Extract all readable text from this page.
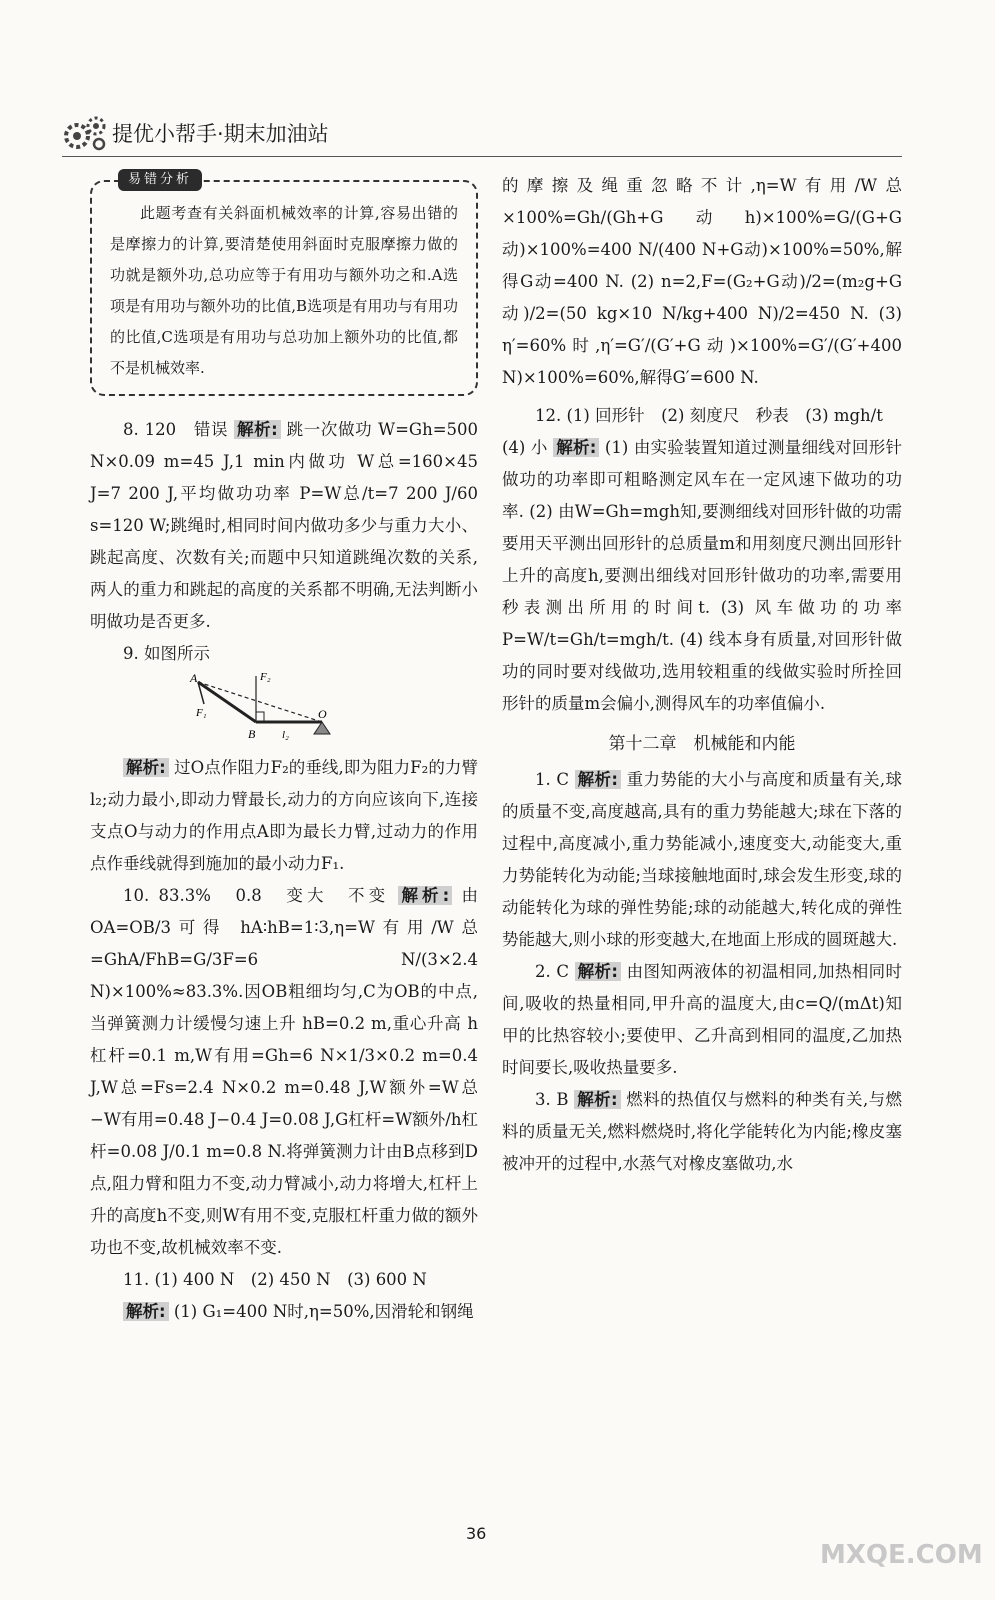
提优小帮手·期末加油站
易错分析

此题考查有关斜面机械效率的计算,容易出错的是摩擦力的计算,要清楚使用斜面时克服摩擦力做的功就是额外功,总功应等于有用功与额外功之和.A选项是有用功与额外功的比值,B选项是有用功与有用功的比值,C选项是有用功与总功加上额外功的比值,都不是机械效率.

8. 120　错误 解析: 跳一次做功 W=Gh=500 N×0.09 m=45 J,1 min内做功 W总=160×45 J=7 200 J,平均做功功率 P=W总/t=7 200 J/60 s=120 W;跳绳时,相同时间内做功多少与重力大小、跳起高度、次数有关;而题中只知道跳绳次数的关系,两人的重力和跳起的高度的关系都不明确,无法判断小明做功是否更多.

9. 如图所示

A
B
O
F₁
F₂
l₂

解析: 过O点作阻力F₂的垂线,即为阻力F₂的力臂 l₂;动力最小,即动力臂最长,动力的方向应该向下,连接支点O与动力的作用点A即为最长力臂,过动力的作用点作垂线就得到施加的最小动力F₁.

10. 83.3%　0.8　变大　不变 解析: 由OA=OB/3可得 hA∶hB=1∶3,η=W有用/W总=GhA/FhB=G/3F=6 N/(3×2.4 N)×100%≈83.3%.因OB粗细均匀,C为OB的中点,当弹簧测力计缓慢匀速上升 hB=0.2 m,重心升高 h杠杆=0.1 m,W有用=Gh=6 N×1/3×0.2 m=0.4 J,W总=Fs=2.4 N×0.2 m=0.48 J,W额外=W总−W有用=0.48 J−0.4 J=0.08 J,G杠杆=W额外/h杠杆=0.08 J/0.1 m=0.8 N.将弹簧测力计由B点移到D点,阻力臂和阻力不变,动力臂减小,动力将增大,杠杆上升的高度h不变,则W有用不变,克服杠杆重力做的额外功也不变,故机械效率不变.

11. (1) 400 N　(2) 450 N　(3) 600 N

解析: (1) G₁=400 N时,η=50%,因滑轮和钢绳

的摩擦及绳重忽略不计,η=W有用/W总×100%=Gh/(Gh+G动h)×100%=G/(G+G动)×100%=400 N/(400 N+G动)×100%=50%,解得G动=400 N. (2) n=2,F=(G₂+G动)/2=(m₂g+G动)/2=(50 kg×10 N/kg+400 N)/2=450 N. (3) η′=60%时,η′=G′/(G′+G动)×100%=G′/(G′+400 N)×100%=60%,解得G′=600 N.

12. (1) 回形针　(2) 刻度尺　秒表　(3) mgh/t

(4) 小 解析: (1) 由实验装置知道过测量细线对回形针做功的功率即可粗略测定风车在一定风速下做功的功率. (2) 由W=Gh=mgh知,要测细线对回形针做的功需要用天平测出回形针的总质量m和用刻度尺测出回形针上升的高度h,要测出细线对回形针做功的功率,需要用秒表测出所用的时间t. (3) 风车做功的功率P=W/t=Gh/t=mgh/t. (4) 线本身有质量,对回形针做功的同时要对线做功,选用较粗重的线做实验时所拴回形针的质量m会偏小,测得风车的功率值偏小.

第十二章　机械能和内能

1. C 解析: 重力势能的大小与高度和质量有关,球的质量不变,高度越高,具有的重力势能越大;球在下落的过程中,高度减小,重力势能减小,速度变大,动能变大,重力势能转化为动能;当球接触地面时,球会发生形变,球的动能转化为球的弹性势能;球的动能越大,转化成的弹性势能越大,则小球的形变越大,在地面上形成的圆斑越大.

2. C 解析: 由图知两液体的初温相同,加热相同时间,吸收的热量相同,甲升高的温度大,由c=Q/(mΔt)知甲的比热容较小;要使甲、乙升高到相同的温度,乙加热时间要长,吸收热量要多.

3. B 解析: 燃料的热值仅与燃料的种类有关,与燃料的质量无关,燃料燃烧时,将化学能转化为内能;橡皮塞被冲开的过程中,水蒸气对橡皮塞做功,水

36
MXQE.COM
